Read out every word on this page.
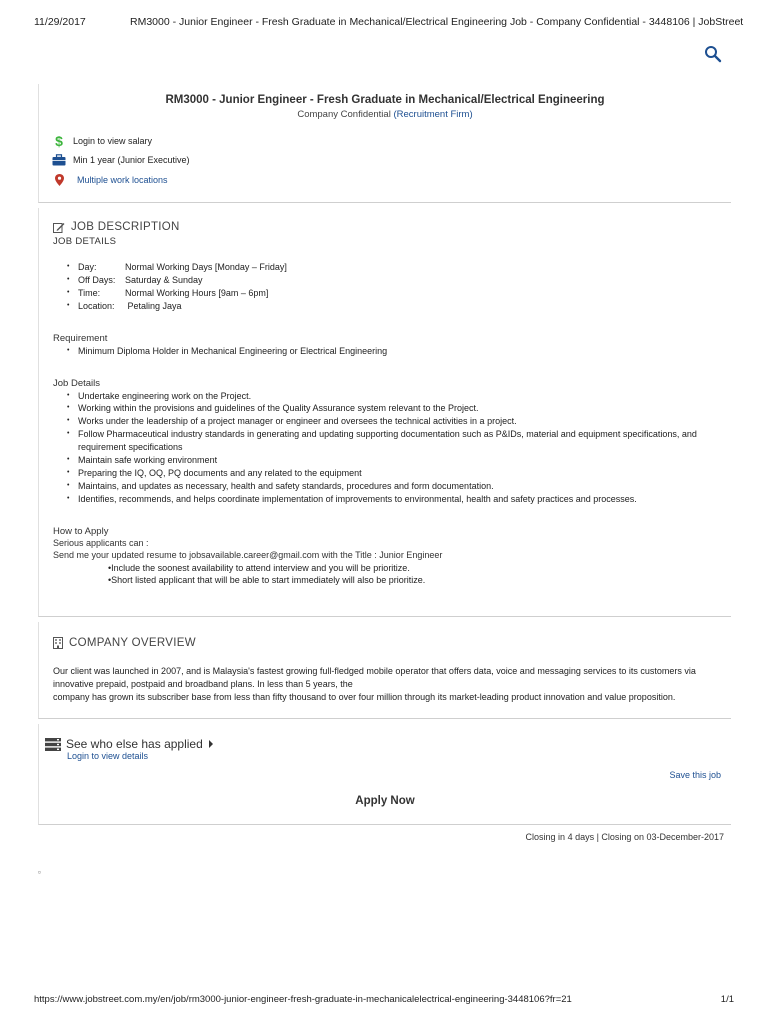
11/29/2017	RM3000 - Junior Engineer - Fresh Graduate in Mechanical/Electrical Engineering Job - Company Confidential - 3448106 | JobStreet
RM3000 - Junior Engineer - Fresh Graduate in Mechanical/Electrical Engineering
Company Confidential (Recruitment Firm)
$ Login to view salary
Min 1 year (Junior Executive)
Multiple work locations
JOB DESCRIPTION
JOB DETAILS
• Day:	Normal Working Days [Monday – Friday]
• Off Days: Saturday & Sunday
• Time:	Normal Working Hours [9am – 6pm]
• Location: Petaling Jaya
Requirement
• Minimum Diploma Holder in Mechanical Engineering or Electrical Engineering
Job Details
• Undertake engineering work on the Project.
• Working within the provisions and guidelines of the Quality Assurance system relevant to the Project.
• Works under the leadership of a project manager or engineer and oversees the technical activities in a project.
• Follow Pharmaceutical industry standards in generating and updating supporting documentation such as P&IDs, material and equipment specifications, and requirement specifications
• Maintain safe working environment
• Preparing the IQ, OQ, PQ documents and any related to the equipment
• Maintains, and updates as necessary, health and safety standards, procedures and form documentation.
• Identifies, recommends, and helps coordinate implementation of improvements to environmental, health and safety practices and processes.
How to Apply
Serious applicants can :
Send me your updated resume to jobsavailable.career@gmail.com with the Title : Junior Engineer
•Include the soonest availability to attend interview and you will be prioritize.
•Short listed applicant that will be able to start immediately will also be prioritize.
COMPANY OVERVIEW
Our client was launched in 2007, and is Malaysia's fastest growing full-fledged mobile operator that offers data, voice and messaging services to its customers via
innovative prepaid, postpaid and broadband plans. In less than 5 years, the
company has grown its subscriber base from less than fifty thousand to over four million through its market-leading product innovation and value proposition.
See who else has applied
Login to view details
Save this job
Apply Now
Closing in 4 days | Closing on 03-December-2017
¤
https://www.jobstreet.com.my/en/job/rm3000-junior-engineer-fresh-graduate-in-mechanicalelectrical-engineering-3448106?fr=21	1/1
